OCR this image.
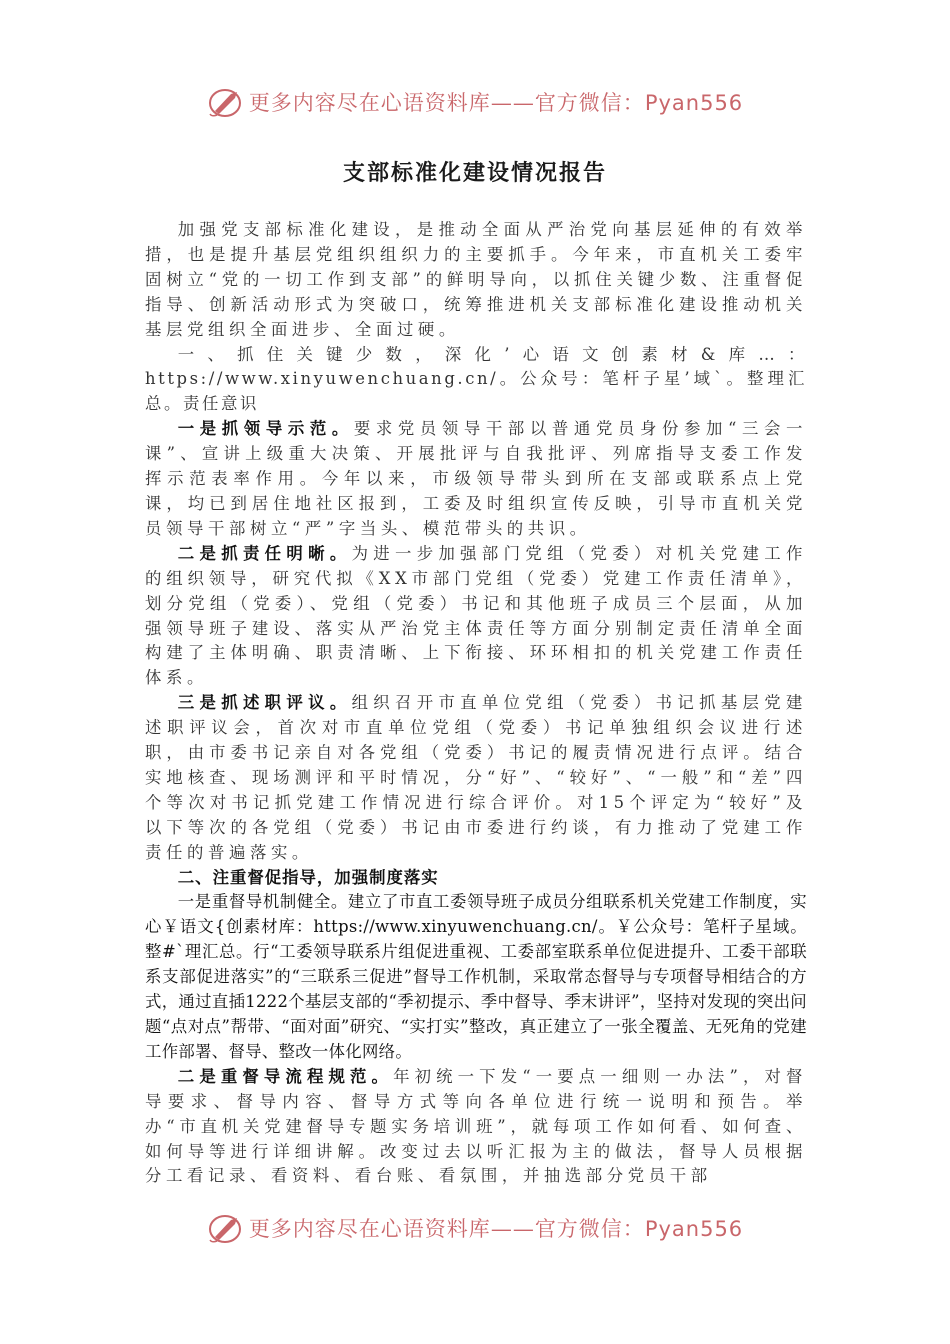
更多内容尽在心语资料库——官方微信：Pyan556
支部标准化建设情况报告

加强党支部标准化建设，是推动全面从严治党向基层延伸的有效举措，也是提升基层党组织组织力的主要抓手。今年来，市直机关工委牢固树立“党的一切工作到支部”的鲜明导向，以抓住关键少数、注重督促指导、创新活动形式为突破口，统筹推进机关支部标准化建设推动机关基层党组织全面进步、全面过硬。

一、抓住关键少数，深化’心语文创素材&库…：https://www.xinyuwenchuang.cn/。公众号：笔杆子星’域`。整理汇总。责任意识

一是抓领导示范。要求党员领导干部以普通党员身份参加“三会一课”、宣讲上级重大决策、开展批评与自我批评、列席指导支委工作发挥示范表率作用。今年以来，市级领导带头到所在支部或联系点上党课，均已到居住地社区报到，工委及时组织宣传反映，引导市直机关党员领导干部树立“严”字当头、模范带头的共识。

二是抓责任明晰。为进一步加强部门党组（党委）对机关党建工作的组织领导，研究代拟《XX市部门党组（党委）党建工作责任清单》，划分党组（党委）、党组（党委）书记和其他班子成员三个层面，从加强领导班子建设、落实从严治党主体责任等方面分别制定责任清单全面构建了主体明确、职责清晰、上下衔接、环环相扣的机关党建工作责任体系。

三是抓述职评议。组织召开市直单位党组（党委）书记抓基层党建述职评议会，首次对市直单位党组（党委）书记单独组织会议进行述职，由市委书记亲自对各党组（党委）书记的履责情况进行点评。结合实地核查、现场测评和平时情况，分“好”、“较好”、“一般”和“差”四个等次对书记抓党建工作情况进行综合评价。对15个评定为“较好”及以下等次的各党组（党委）书记由市委进行约谈，有力推动了党建工作责任的普遍落实。

二、注重督促指导，加强制度落实

一是重督导机制健全。建立了市直工委领导班子成员分组联系机关党建工作制度，实心￥语文{创素材库：https://www.xinyuwenchuang.cn/。￥公众号：笔杆子星域。整#`理汇总。行“工委领导联系片组促进重视、工委部室联系单位促进提升、工委干部联系支部促进落实”的“三联系三促进”督导工作机制，采取常态督导与专项督导相结合的方式，通过直插1222个基层支部的“季初提示、季中督导、季末讲评”，坚持对发现的突出问题“点对点”帮带、“面对面”研究、“实打实”整改，真正建立了一张全覆盖、无死角的党建工作部署、督导、整改一体化网络。

二是重督导流程规范。年初统一下发“一要点一细则一办法”，对督导要求、督导内容、督导方式等向各单位进行统一说明和预告。举办“市直机关党建督导专题实务培训班”，就每项工作如何看、如何查、如何导等进行详细讲解。改变过去以听汇报为主的做法，督导人员根据分工看记录、看资料、看台账、看氛围，并抽选部分党员干部

更多内容尽在心语资料库——官方微信：Pyan556
